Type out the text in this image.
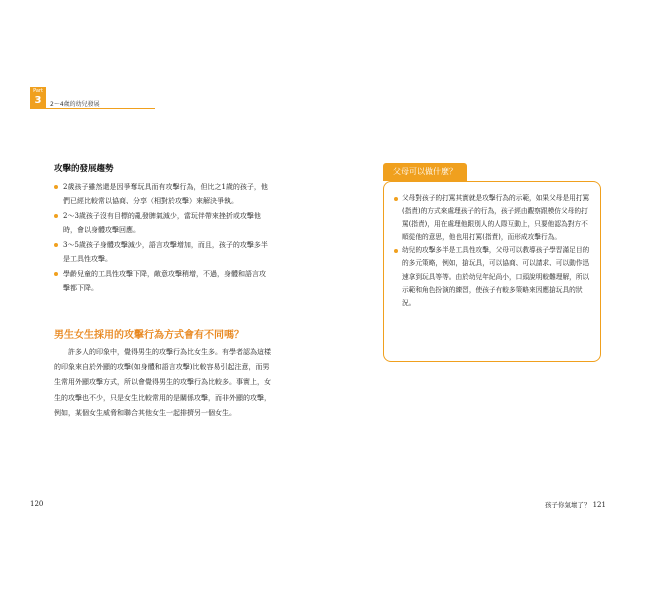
Part
3	2～4歲的幼兒發展
攻擊的發展趨勢
2歲孩子雖然還是因爭奪玩具而有攻擊行為，但比之1歲的孩子，他們已經比較常以協商、分享（相對於攻擊）來解決爭執。
2～3歲孩子沒有目標的亂發脾氣減少，當玩伴帶來挫折或攻擊他時，會以身體攻擊回應。
3～5歲孩子身體攻擊減少，語言攻擊增加，而且，孩子的攻擊多半是工具性攻擊。
學齡兒童的工具性攻擊下降，敵意攻擊稍增，不過，身體和語言攻擊都下降。
男生女生採用的攻擊行為方式會有不同嗎？

許多人的印象中，覺得男生的攻擊行為比女生多。有學者認為這樣的印象來自於外顯的攻擊(如身體和語言攻擊)比較容易引起注意，而男生常用外顯攻擊方式，所以會覺得男生的攻擊行為比較多。事實上，女生的攻擊也不少，只是女生比較常用的是關係攻擊，而非外顯的攻擊，例如，某個女生威脅和聯合其他女生一起排擠另一個女生。

父母可以做什麼？
父母對孩子的打罵其實就是攻擊行為的示範，如果父母是用打罵(指責)的方式來處理孩子的行為，孩子經由觀察跟模仿父母的打罵(指責)，用在處理他跟別人的人際互動上，只要他認為對方不順從他的意思，他也用打罵(指責)，而形成攻擊行為。
幼兒的攻擊多半是工具性攻擊，父母可以教導孩子學習滿足目的的多元策略，例如，搶玩具，可以協商、可以請求、可以動作迅速拿到玩具等等。由於幼兒年紀尚小，口頭說明較難理解，所以示範和角色扮演的練習，使孩子有較多策略來因應搶玩具的狀況。
120	孩子你氣壞了？ 121
